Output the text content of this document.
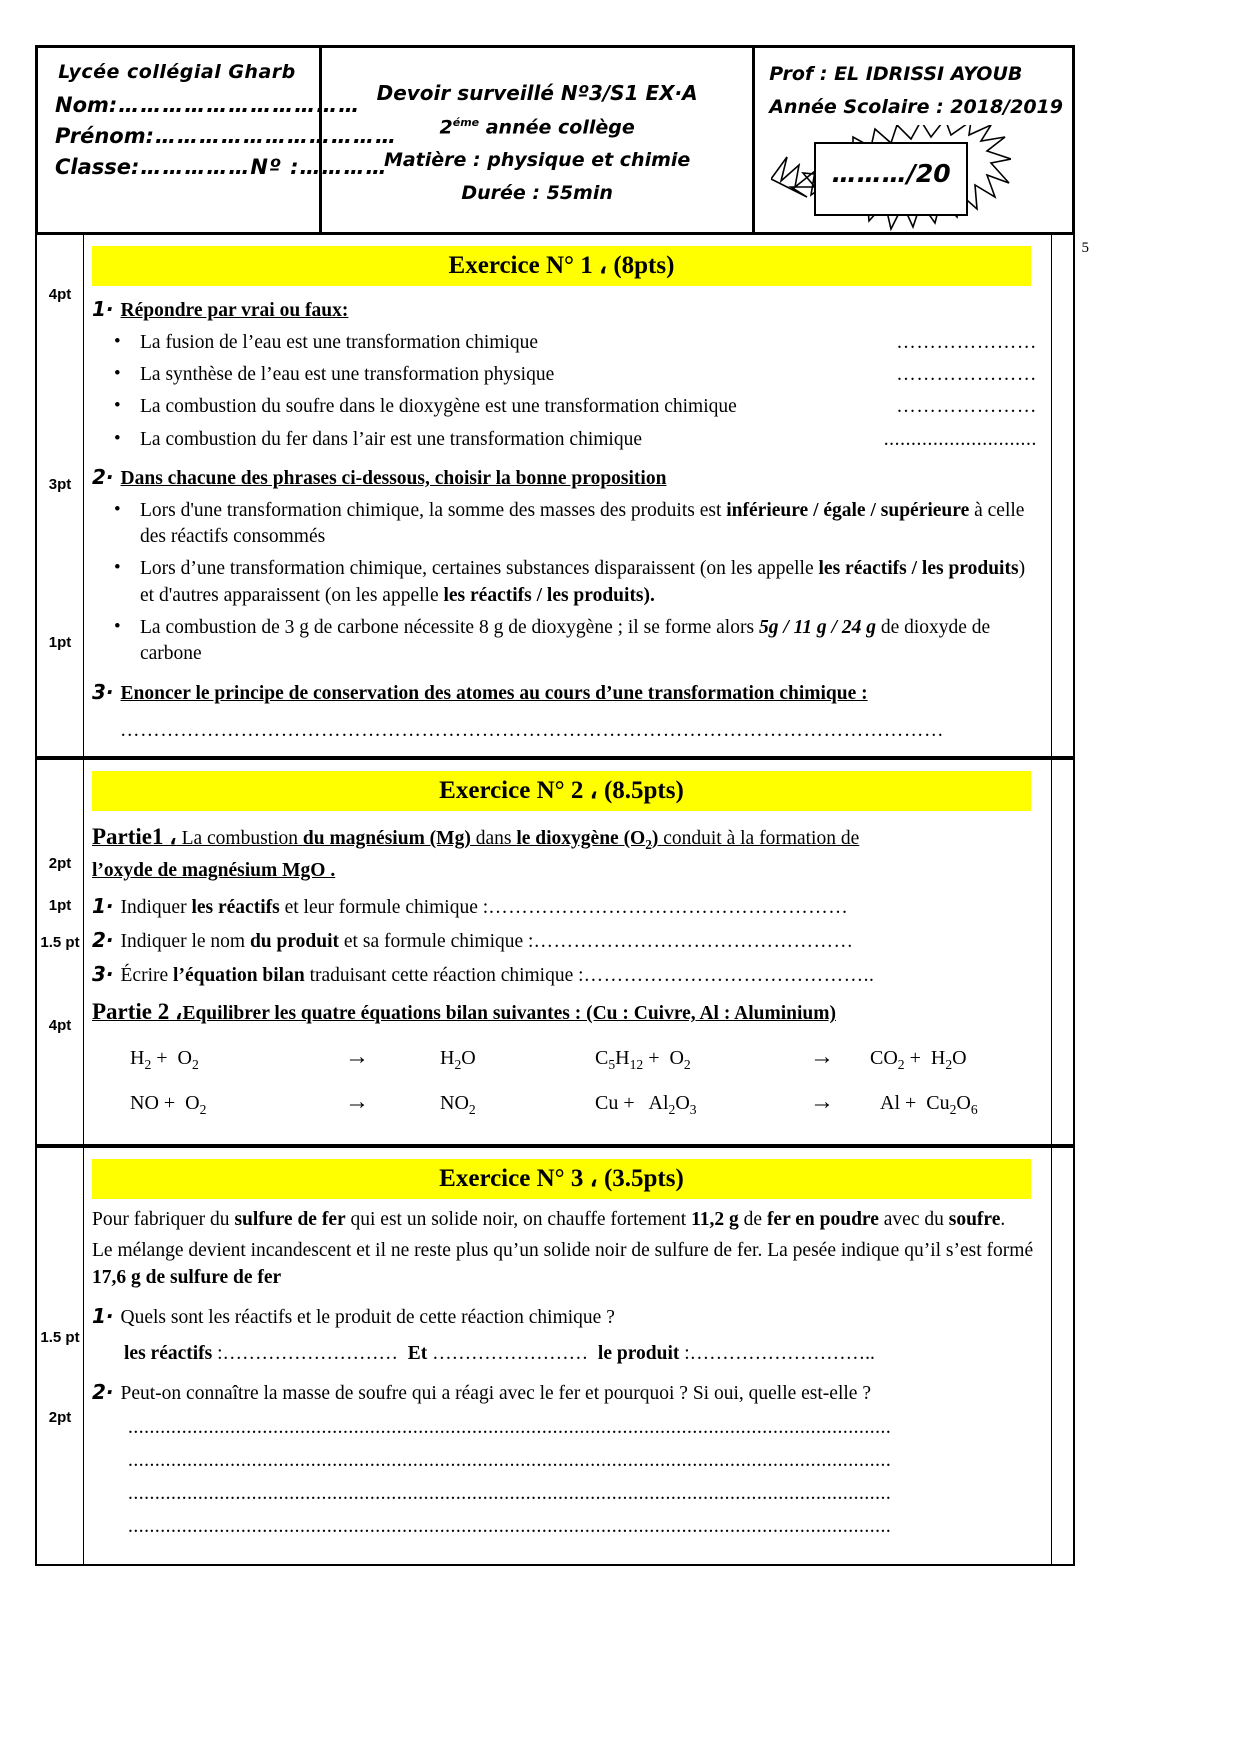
Lycée collégial Gharb
Nom:……………………………
Prénom:……………………………
Classe:……………Nº :…………
Devoir surveillé Nº3/S1 EX·A
$2^{éme}$ année collège
Matière : physique et chimie
Durée : 55min
Prof : EL IDRISSI AYOUB
Année Scolaire : 2018/2019
………/20
5
4pt
3pt
1pt
Exercice N° 1 ، (8pts)
1· Répondre par vrai ou faux:
• La fusion de l’eau est une transformation chimique	…………………
• La synthèse de l’eau est une transformation physique	…………………
• La combustion du soufre dans le dioxygène est une transformation chimique	…………………
• La combustion du fer dans l’air est une transformation chimique	............................
2· Dans chacune des phrases ci-dessous, choisir la bonne proposition
• Lors d'une transformation chimique, la somme des masses des produits est inférieure / égale / supérieure à celle des réactifs consommés
• Lors d’une transformation chimique, certaines substances disparaissent (on les appelle les réactifs / les produits) et d'autres apparaissent (on les appelle les réactifs / les produits).
• La combustion de 3 g de carbone nécessite 8 g de dioxygène ; il se forme alors 5g / 11 g / 24 g de dioxyde de carbone
3· Enoncer le principe de conservation des atomes au cours d’une transformation chimique :
……………………………………………………………………………………………………………
2pt
1pt
1.5 pt
4pt
Exercice N° 2 ، (8.5pts)
Partie1 ، La combustion du magnésium (Mg) dans le dioxygène $(O_2)$ conduit à la formation de
l’oxyde de magnésium MgO .
1· Indiquer les réactifs et leur formule chimique :………………………………………………
2· Indiquer le nom du produit et sa formule chimique :…………………………………………
3· Écrire l’équation bilan traduisant cette réaction chimique :……………………………………..
Partie 2 ،Equilibrer les quatre équations bilan suivantes : (Cu : Cuivre, Al : Aluminium)
$H_2 + O_2$	→	$H_2O$	$C_5H_{12} + O_2$	→	$CO_2 + H_2O$
NO +  $O_2$	→	$NO_2$	$Cu + Al_2O_3$	→	$Al + Cu_2O_6$
1.5 pt
2pt
Exercice N° 3 ، (3.5pts)
Pour fabriquer du sulfure de fer qui est un solide noir, on chauffe fortement 11,2 g de fer en poudre avec du soufre.
Le mélange devient incandescent et il ne reste plus qu’un solide noir de sulfure de fer. La pesée indique qu’il s’est formé 17,6 g de sulfure de fer
1· Quels sont les réactifs et le produit de cette réaction chimique ?
les réactifs :……………………… Et …………………… le produit :………………………..
2· Peut-on connaître la masse de soufre qui a réagi avec le fer et pourquoi ? Si oui, quelle est-elle ?
..............................................................................................................................................
..............................................................................................................................................
..............................................................................................................................................
..............................................................................................................................................
